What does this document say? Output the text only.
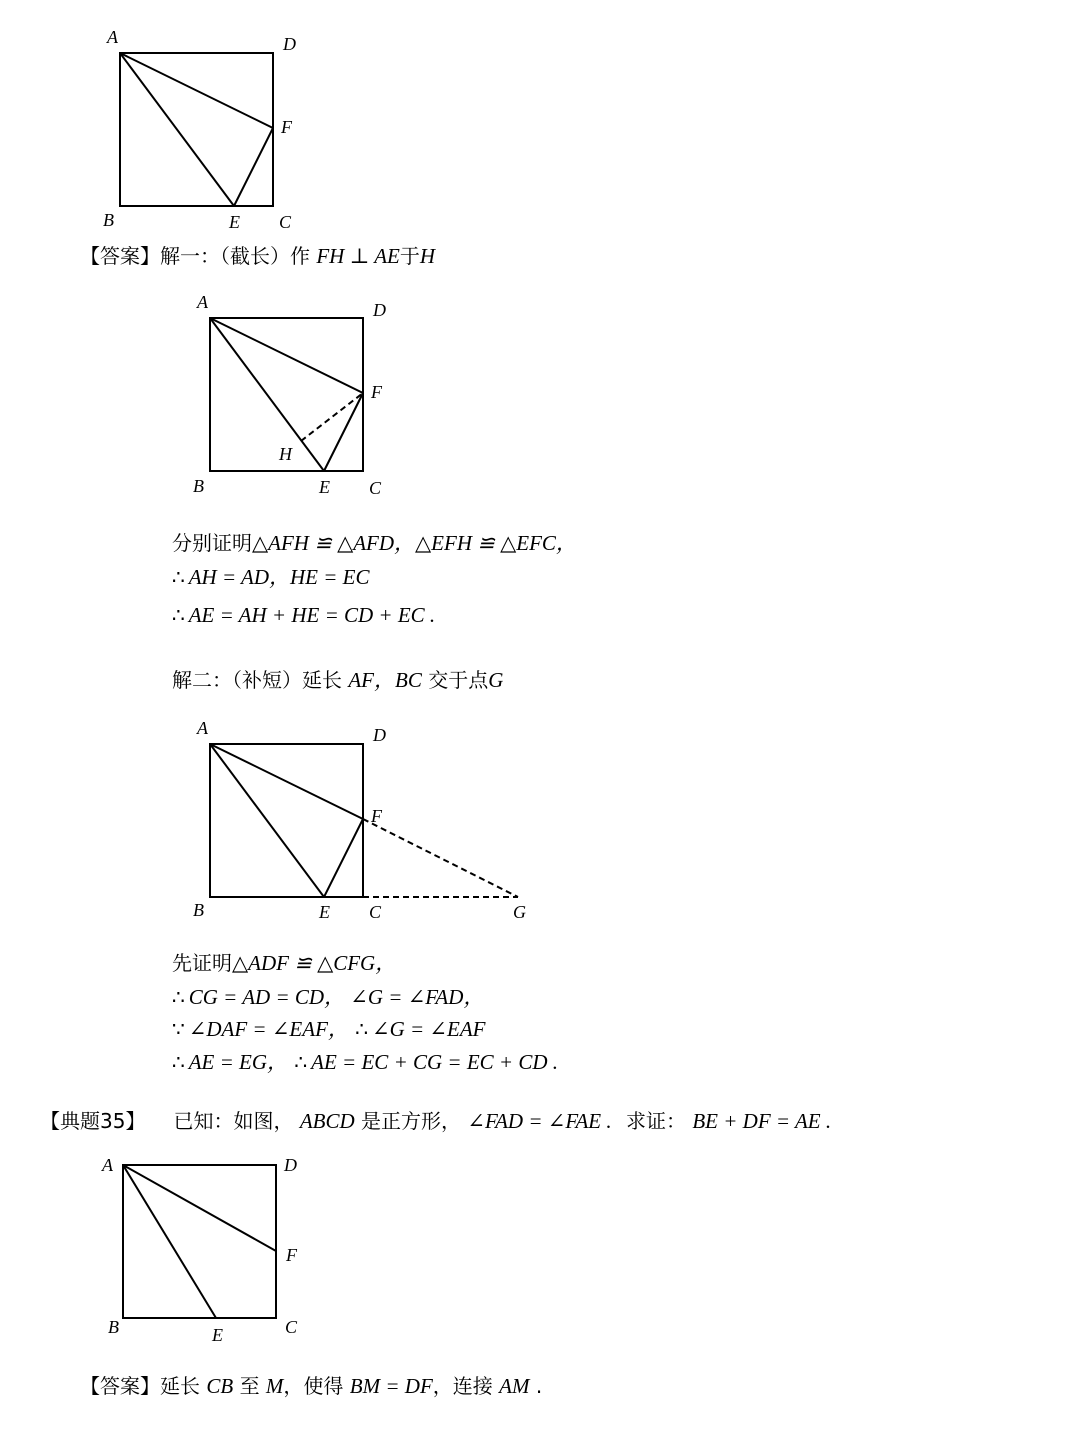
A	D
F
B	E C
【答案】解一：（截长）作 FH ⊥ AE于H
A	D
F
H
B	E C
分别证明△AFH ≌ △AFD，△EFH ≌ △EFC，
∴ AH = AD，HE = EC
∴ AE = AH + HE = CD + EC .
解二：（补短）延长 AF，BC 交于点G
A	D
F
B	E C	G
先证明△ADF ≌ △CFG，
∴ CG = AD = CD， ∠G = ∠FAD，
∵ ∠DAF = ∠EAF， ∴ ∠G = ∠EAF
∴ AE = EG， ∴ AE = EC + CG = EC + CD .
【典题35】 已知：如图， ABCD 是正方形， ∠FAD = ∠FAE . 求证： BE + DF = AE .
A	D
F
B	E	C
【答案】延长 CB 至 M，使得 BM = DF，连接 AM .
